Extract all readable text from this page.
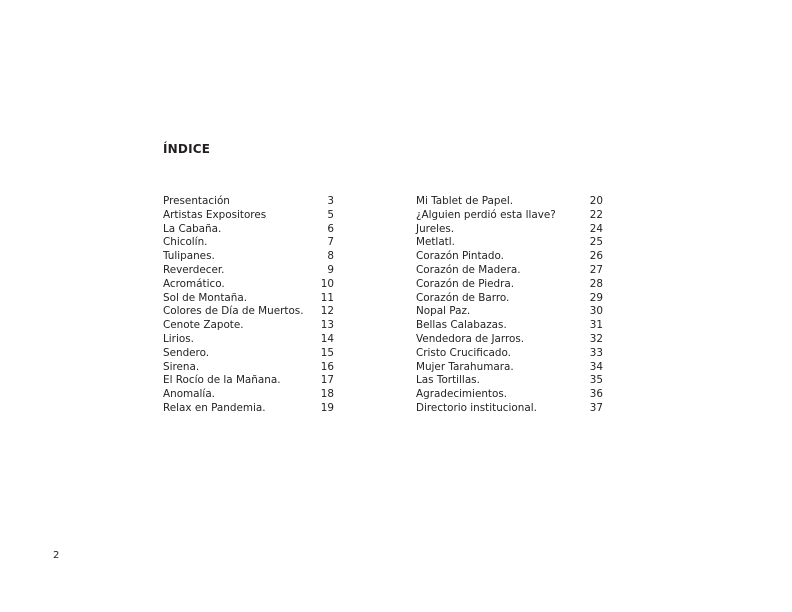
ÍNDICE
Presentación	3
Artistas Expositores	5
La Cabaña.	6
Chicolín.	7
Tulipanes.	8
Reverdecer.	9
Acromático.	10
Sol de Montaña.	11
Colores de Día de Muertos. 12
Cenote Zapote.	13
Lirios.	14
Sendero.	15
Sirena.	16
El Rocío de la Mañana.	17
Anomalía.	18
Relax en Pandemia.	19
Mi Tablet de Papel.	20
¿Alguien perdió esta llave?	22
Jureles.	24
Metlatl.	25
Corazón Pintado.	26
Corazón de Madera.	27
Corazón de Piedra.	28
Corazón de Barro.	29
Nopal Paz.	30
Bellas Calabazas.	31
Vendedora de Jarros.	32
Cristo Crucificado.	33
Mujer Tarahumara.	34
Las Tortillas.	35
Agradecimientos.	36
Directorio institucional.	37
2
